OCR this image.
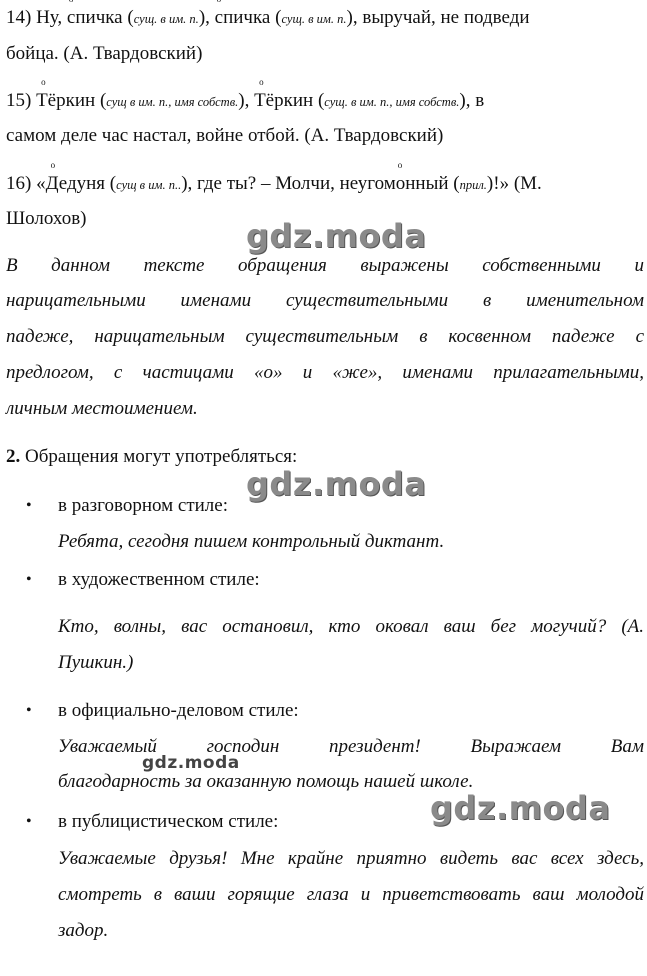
14) Ну, o спичка (сущ. в им. п.), o спичка (сущ. в им. п.), выручай, не подведи
бойца. (А. Твардовский)
15) o Тёркин (сущ в им. п., имя собств.), o Тёркин (сущ. в им. п., имя собств.), в
самом деле час настал, войне отбой. (А. Твардовский)
16) «o Дедуня (сущ в им. п..), где ты? – Молчи, неугомo онный (прил.)!» (М.
Шолохов)
В данном тексте обращения выражены собственными и
нарицательными именами существительными в именительном
падеже, нарицательным существительным в косвенном падеже с
предлогом, с частицами «о» и «же», именами прилагательными,
личным местоимением.
2. Обращения могут употребляться:
•	в разговорном стиле:
Ребята, сегодня пишем контрольный диктант.
•	в художественном стиле:
Кто, волны, вас остановил, кто оковал ваш бег могучий? (А.
Пушкин.)
•	в официально-деловом стиле:
Уважаемый господин президент! Выражаем Вам
благодарность за оказанную помощь нашей школе.
•	в публицистическом стиле:
Уважаемые друзья! Мне крайне приятно видеть вас всех здесь,
смотреть в ваши горящие глаза и приветствовать ваш молодой
задор.
gdz.moda
gdz.moda
gdz.moda
gdz.moda
